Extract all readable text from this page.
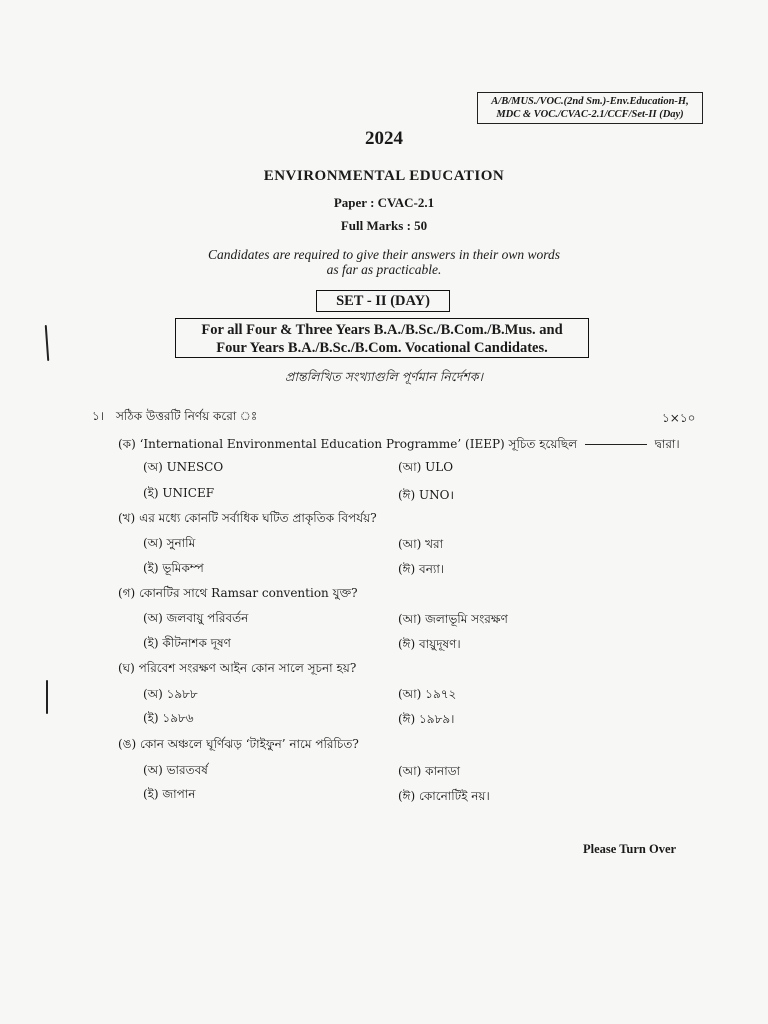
A/B/MUS./VOC.(2nd Sm.)-Env.Education-H,
MDC & VOC./CVAC-2.1/CCF/Set-II (Day)
2024
ENVIRONMENTAL EDUCATION
Paper : CVAC-2.1
Full Marks : 50
Candidates are required to give their answers in their own words
as far as practicable.
SET - II (DAY)
For all Four & Three Years B.A./B.Sc./B.Com./B.Mus. and
Four Years B.A./B.Sc./B.Com. Vocational Candidates.
প্রান্তলিখিত সংখ্যাগুলি পূর্ণমান নির্দেশক।
১। সঠিক উত্তরটি নির্ণয় করো ঃ	১×১০
(ক) ‘International Environmental Education Programme’ (IEEP) সূচিত হয়েছিল	দ্বারা।
(অ) UNESCO	(আ) ULO
(ই) UNICEF	(ঈ) UNO।
(খ) এর মধ্যে কোনটি সর্বাধিক ঘটিত প্রাকৃতিক বিপর্যয়?
(অ) সুনামি	(আ) খরা
(ই) ভূমিকম্প	(ঈ) বন্যা।
(গ) কোনটির সাথে Ramsar convention যুক্ত?
(অ) জলবায়ু পরিবর্তন	(আ) জলাভূমি সংরক্ষণ
(ই) কীটনাশক দূষণ	(ঈ) বায়ুদূষণ।
(ঘ) পরিবেশ সংরক্ষণ আইন কোন সালে সূচনা হয়?
(অ) ১৯৮৮	(আ) ১৯৭২
(ই) ১৯৮৬	(ঈ) ১৯৮৯।
(ঙ) কোন অঞ্চলে ঘূর্ণিঝড় ‘টাইফুন’ নামে পরিচিত?
(অ) ভারতবর্ষ	(আ) কানাডা
(ই) জাপান	(ঈ) কোনোটিই নয়।
Please Turn Over
